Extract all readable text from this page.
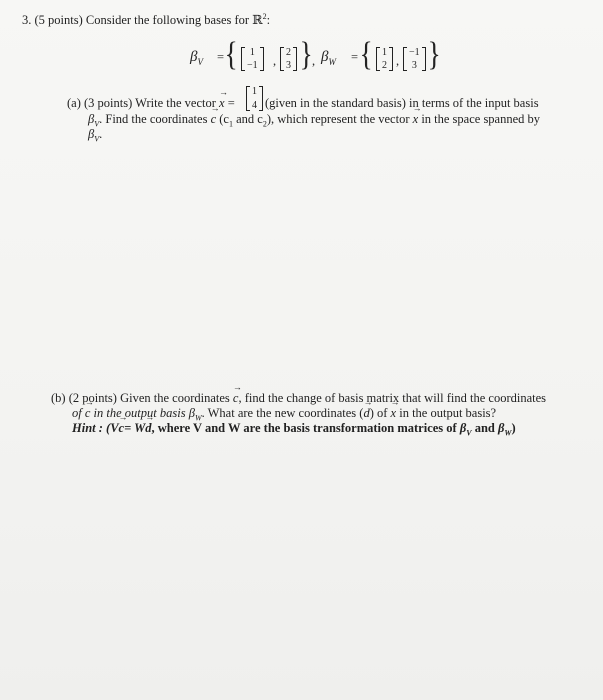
3. (5 points) Consider the following bases for ℝ$^2$:
$\beta_V$ = { 1
−1 ,
2
3 } , $\beta_W$ = { 1
2 ,
−1
3 }
(a) (3 points) Write the vector → x =
1
4 (given in the standard basis) in terms of the input basis
$\beta_V$. Find the coordinates → c ($c_1$ and $c_2$), which represent the vector → x in the space spanned by
$\beta_V$.
(b) (2 points) Given the coordinates → c, find the change of basis matrix that will find the coordinates
of → c in the output basis $\beta_W$. What are the new coordinates (→ d) of → x in the output basis?
Hint : (V→ c= W→ d, where V and W are the basis transformation matrices of $\beta_V$ and $\beta_W$)
